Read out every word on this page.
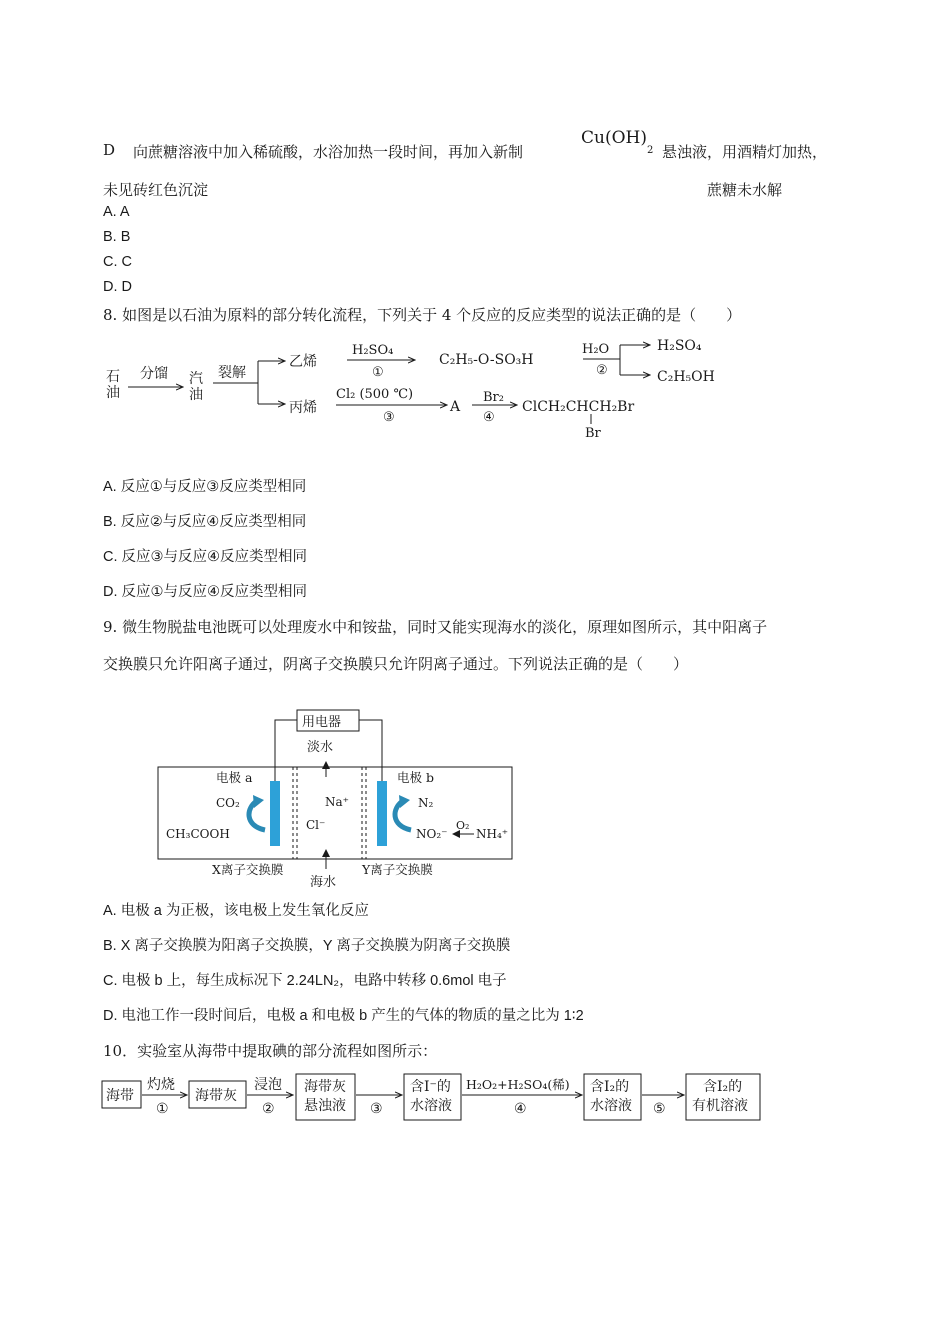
D 向蔗糖溶液中加入稀硫酸，水浴加热一段时间，再加入新制
$Cu(OH)_2$ 悬浊液，用酒精灯加热，
未见砖红色沉淀	蔗糖未水解
A. A
B. B
C. C
D. D
8. 如图是以石油为原料的部分转化流程，下列关于 4 个反应的反应类型的说法正确的是（　　）
石
油
分馏 汽
油
裂解
乙烯
H₂SO₄
①
C₂H₅-O-SO₃H
H₂O
②
H₂SO₄
C₂H₅OH
丙烯
Cl₂ (500 ℃)
③
A
Br₂
④
ClCH₂CHCH₂Br
Br
A. 反应①与反应③反应类型相同
B. 反应②与反应④反应类型相同
C. 反应③与反应④反应类型相同
D. 反应①与反应④反应类型相同
9. 微生物脱盐电池既可以处理废水中和铵盐，同时又能实现海水的淡化，原理如图所示，其中阳离子
交换膜只允许阳离子通过，阴离子交换膜只允许阴离子通过。下列说法正确的是（　　）
用电器
淡水
海水
电极 a	电极 b
CO₂
CH₃COOH
Na⁺
Cl⁻
N₂
NO₂⁻
O₂
NH₄⁺
X离子交换膜	Y离子交换膜
A. 电极 a 为正极，该电极上发生氧化反应
B. X 离子交换膜为阳离子交换膜，Y 离子交换膜为阴离子交换膜
C. 电极 b 上，每生成标况下 2.24LN₂，电路中转移 0.6mol 电子
D. 电池工作一段时间后，电极 a 和电极 b 产生的气体的物质的量之比为 1∶2
10．实验室从海带中提取碘的部分流程如图所示：
海带
灼烧
①
海带灰
浸泡
②
海带灰
悬浊液 ③
含I⁻的
水溶液
H₂O₂+H₂SO₄(稀)
④
含I₂的
水溶液 ⑤
含I₂的
有机溶液
